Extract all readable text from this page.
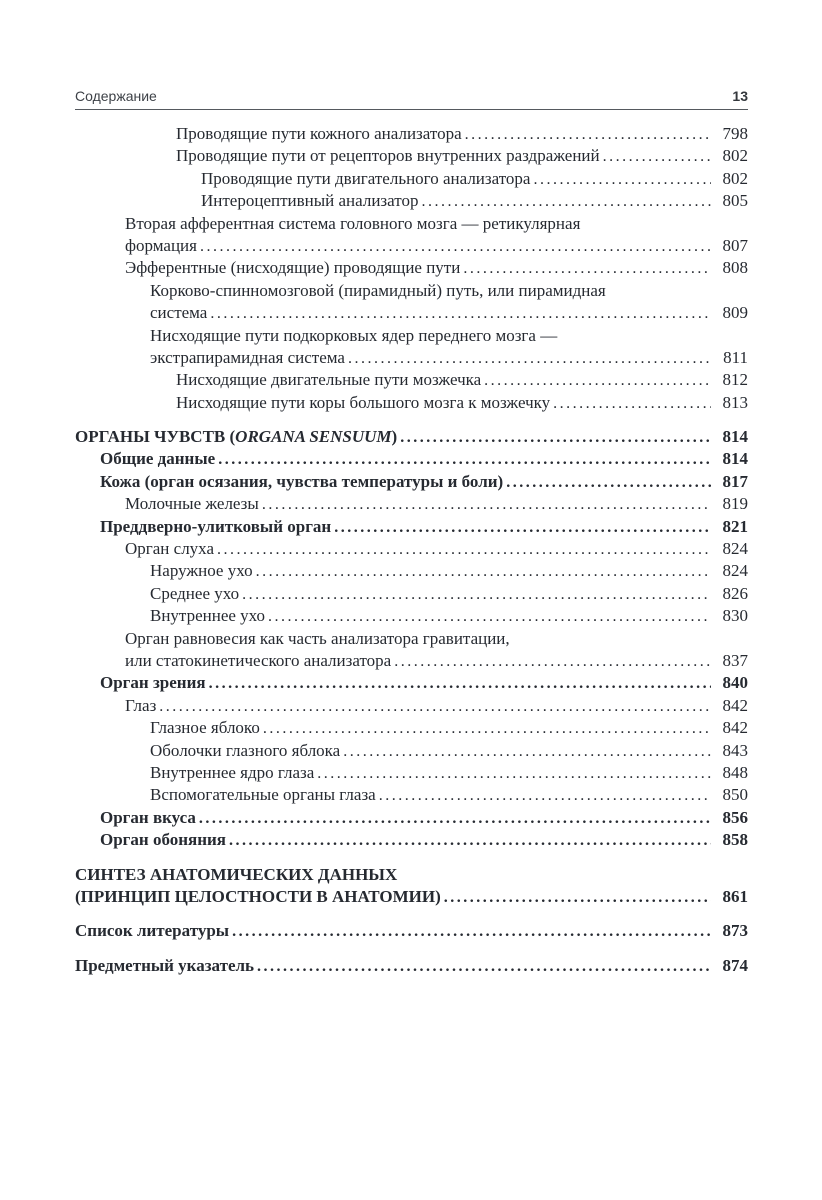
Содержание	13
Проводящие пути кожного анализатора .....	798
Проводящие пути от рецепторов внутренних раздражений .....	802
Проводящие пути двигательного анализатора .....	802
Интероцептивный анализатор .....	805
Вторая афферентная система головного мозга — ретикулярная
формация .....	807
Эфферентные (нисходящие) проводящие пути .....	808
Корково-спинномозговой (пирамидный) путь, или пирамидная
система .....	809
Нисходящие пути подкорковых ядер переднего мозга —
экстрапирамидная система .....	811
Нисходящие двигательные пути мозжечка .....	812
Нисходящие пути коры большого мозга к мозжечку .....	813
ОРГАНЫ ЧУВСТВ ( ORGANA SENSUUM ) .....	814
Общие данные .....	814
Кожа (орган осязания, чувства температуры и боли) .....	817
Молочные железы .....	819
Преддверно-улитковый орган .....	821
Орган слуха .....	824
Наружное ухо .....	824
Среднее ухо .....	826
Внутреннее ухо .....	830
Орган равновесия как часть анализатора гравитации,
или статокинетического анализатора .....	837
Орган зрения .....	840
Глаз .....	842
Глазное яблоко .....	842
Оболочки глазного яблока .....	843
Внутреннее ядро глаза .....	848
Вспомогательные органы глаза .....	850
Орган вкуса .....	856
Орган обоняния .....	858
СИНТЕЗ АНАТОМИЧЕСКИХ ДАННЫХ
(ПРИНЦИП ЦЕЛОСТНОСТИ В АНАТОМИИ) .....	861
Список литературы .....	873
Предметный указатель .....	874
